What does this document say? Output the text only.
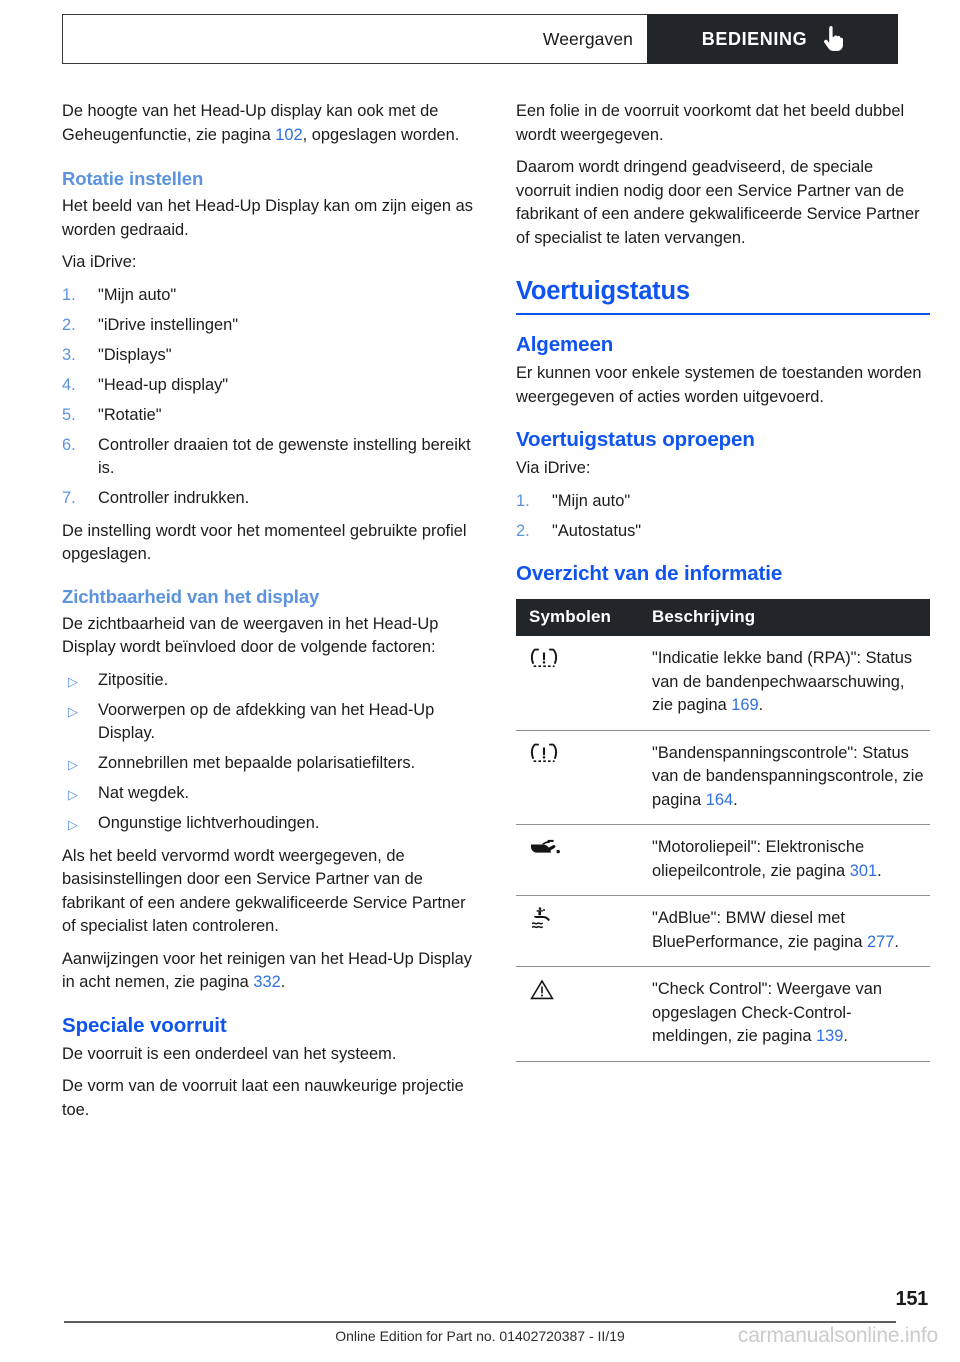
Weergaven	BEDIENING

De hoogte van het Head-Up display kan ook met de Geheugenfunctie, zie pagina 102, opgeslagen worden.

Rotatie instellen

Het beeld van het Head-Up Display kan om zijn eigen as worden gedraaid.

Via iDrive:

1.	"Mijn auto"
2.	"iDrive instellingen"
3.	"Displays"
4.	"Head-up display"
5.	"Rotatie"
6.	Controller draaien tot de gewenste instelling bereikt is.
7.	Controller indrukken.

De instelling wordt voor het momenteel gebruikte profiel opgeslagen.

Zichtbaarheid van het display

De zichtbaarheid van de weergaven in het Head-Up Display wordt beïnvloed door de volgende factoren:

▷ Zitpositie.
▷ Voorwerpen op de afdekking van het Head-Up Display.
▷ Zonnebrillen met bepaalde polarisatiefilters.
▷ Nat wegdek.
▷ Ongunstige lichtverhoudingen.

Als het beeld vervormd wordt weergegeven, de basisinstellingen door een Service Partner van de fabrikant of een andere gekwalificeerde Service Partner of specialist laten controleren.

Aanwijzingen voor het reinigen van het Head-Up Display in acht nemen, zie pagina 332.

Speciale voorruit

De voorruit is een onderdeel van het systeem.

De vorm van de voorruit laat een nauwkeurige projectie toe.

Een folie in de voorruit voorkomt dat het beeld dubbel wordt weergegeven.

Daarom wordt dringend geadviseerd, de speciale voorruit indien nodig door een Service Partner van de fabrikant of een andere gekwalificeerde Service Partner of specialist te laten vervangen.

Voertuigstatus
Algemeen

Er kunnen voor enkele systemen de toestanden worden weergegeven of acties worden uitgevoerd.

Voertuigstatus oproepen

Via iDrive:

1.	"Mijn auto"
2.	"Autostatus"
Overzicht van de informatie
Symbolen	Beschrijving

	"Indicatie lekke band (RPA)": Status van de bandenpechwaarschuwing, zie pagina 169.

	"Bandenspanningscontrole": Status van de bandenspanningscontrole, zie pagina 164.

	"Motoroliepeil": Elektronische oliepeilcontrole, zie pagina 301.

	"AdBlue": BMW diesel met BluePerformance, zie pagina 277.

	"Check Control": Weergave van opgeslagen Check-Control-meldingen, zie pagina 139.
151
Online Edition for Part no. 01402720387 - II/19	carmanualsonline.info
